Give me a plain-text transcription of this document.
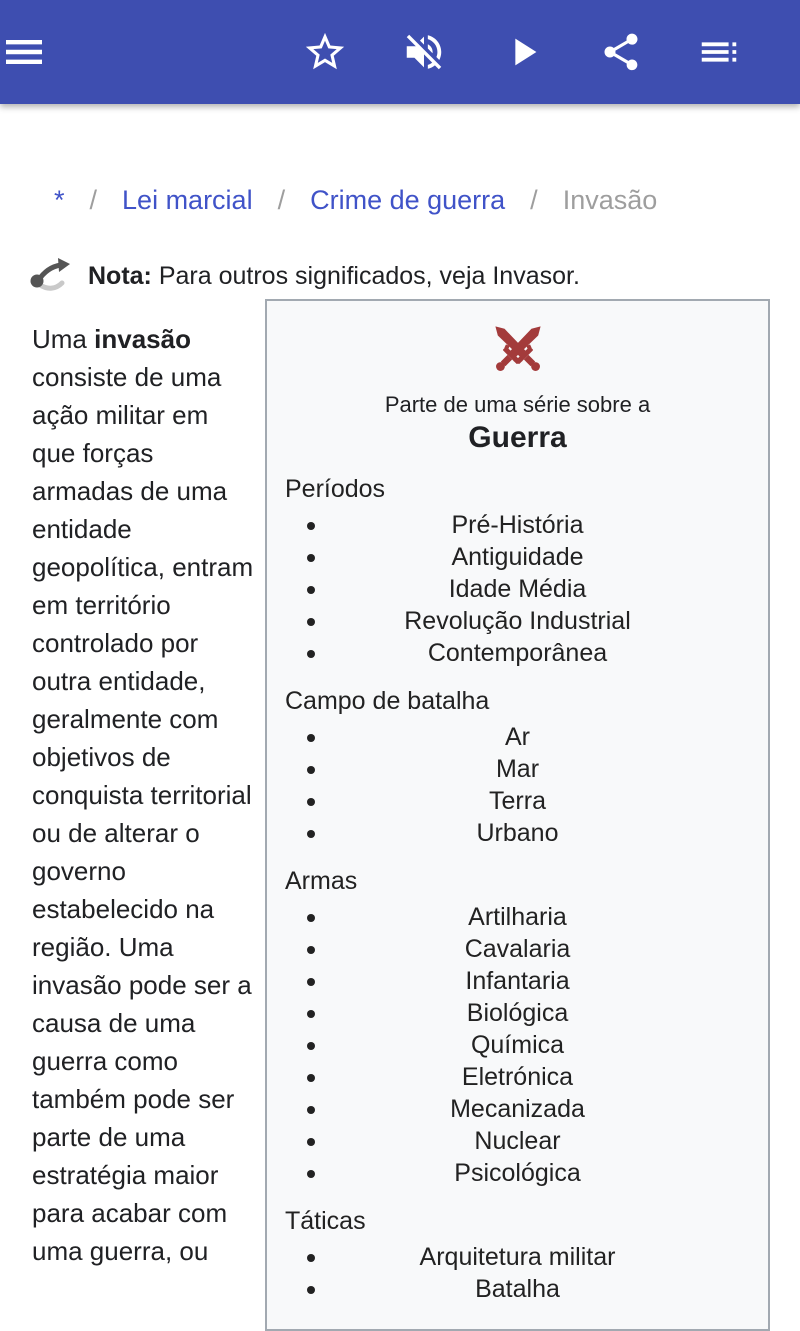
* / Lei marcial / Crime de guerra / Invasão
Nota: Para outros significados, veja Invasor.

Uma invasão consiste de uma ação militar em que forças armadas de uma entidade geopolítica, entram em território controlado por outra entidade, geralmente com objetivos de conquista territorial ou de alterar o governo estabelecido na região. Uma invasão pode ser a causa de uma guerra como também pode ser parte de uma estratégia maior para acabar com uma guerra, ou

Parte de uma série sobre a
Guerra
Períodos
Pré-História
Antiguidade
Idade Média
Revolução Industrial
Contemporânea
Campo de batalha
Ar
Mar
Terra
Urbano
Armas
Artilharia
Cavalaria
Infantaria
Biológica
Química
Eletrónica
Mecanizada
Nuclear
Psicológica
Táticas
Arquitetura militar
Batalha
